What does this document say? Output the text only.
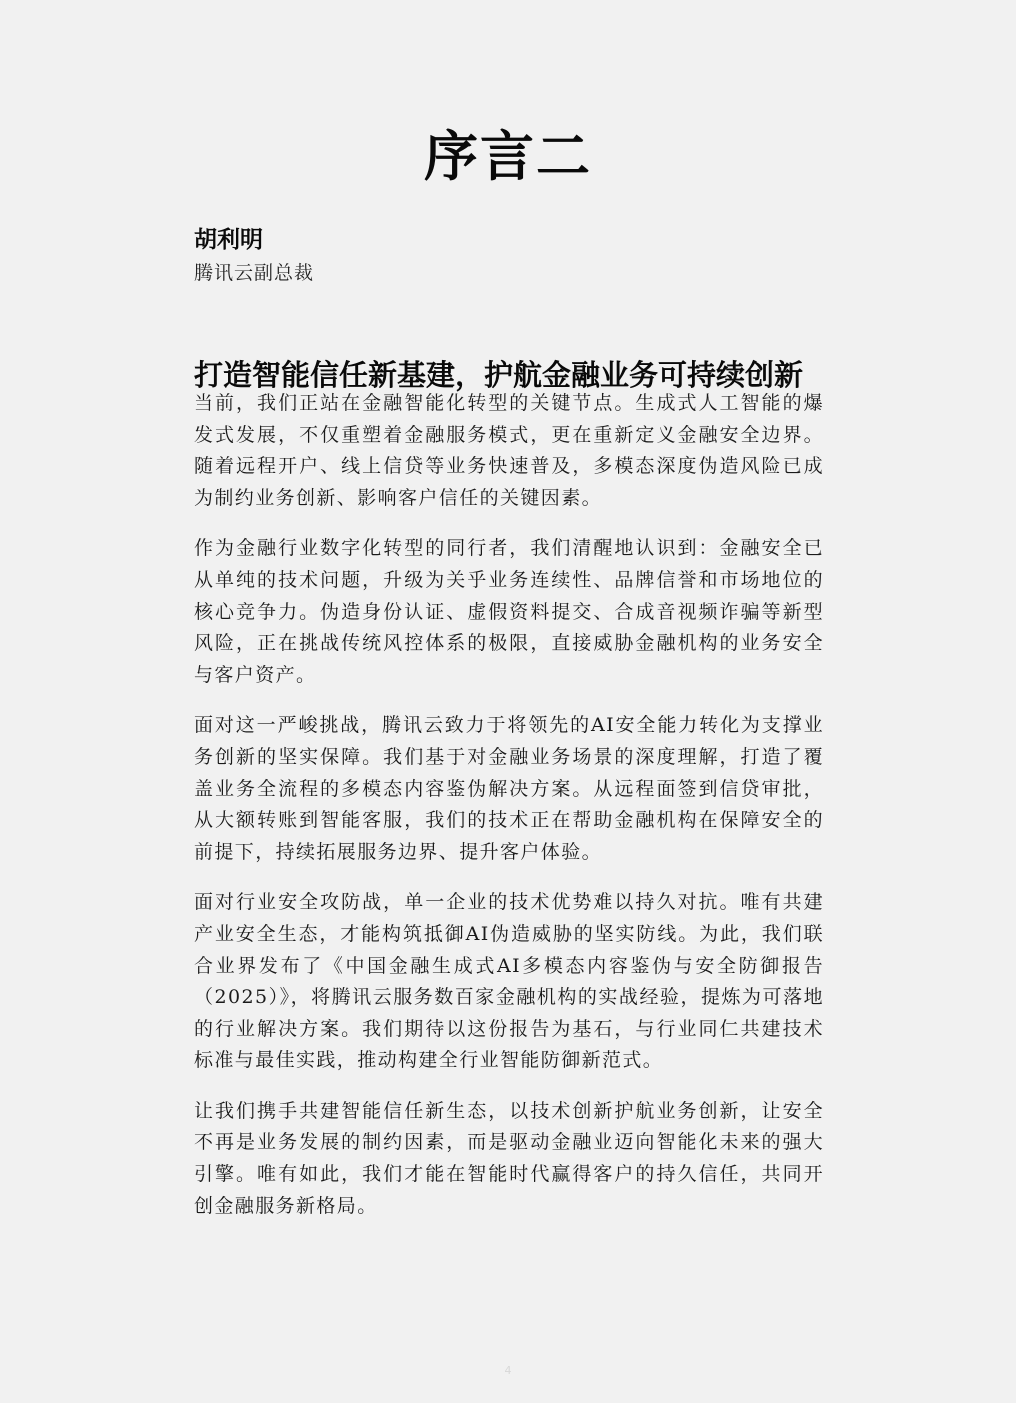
序言二
胡利明
腾讯云副总裁
打造智能信任新基建，护航金融业务可持续创新

当前，我们正站在金融智能化转型的关键节点。生成式人工智能的爆发式发展，不仅重塑着金融服务模式，更在重新定义金融安全边界。随着远程开户、线上信贷等业务快速普及，多模态深度伪造风险已成为制约业务创新、影响客户信任的关键因素。

作为金融行业数字化转型的同行者，我们清醒地认识到：金融安全已从单纯的技术问题，升级为关乎业务连续性、品牌信誉和市场地位的核心竞争力。伪造身份认证、虚假资料提交、合成音视频诈骗等新型风险，正在挑战传统风控体系的极限，直接威胁金融机构的业务安全与客户资产。

面对这一严峻挑战，腾讯云致力于将领先的AI安全能力转化为支撑业务创新的坚实保障。我们基于对金融业务场景的深度理解，打造了覆盖业务全流程的多模态内容鉴伪解决方案。从远程面签到信贷审批，从大额转账到智能客服，我们的技术正在帮助金融机构在保障安全的前提下，持续拓展服务边界、提升客户体验。

面对行业安全攻防战，单一企业的技术优势难以持久对抗。唯有共建产业安全生态，才能构筑抵御AI伪造威胁的坚实防线。为此，我们联合业界发布了《中国金融生成式AI多模态内容鉴伪与安全防御报告（2025）》，将腾讯云服务数百家金融机构的实战经验，提炼为可落地的行业解决方案。我们期待以这份报告为基石，与行业同仁共建技术标准与最佳实践，推动构建全行业智能防御新范式。

让我们携手共建智能信任新生态，以技术创新护航业务创新，让安全不再是业务发展的制约因素，而是驱动金融业迈向智能化未来的强大引擎。唯有如此，我们才能在智能时代赢得客户的持久信任，共同开创金融服务新格局。

4
